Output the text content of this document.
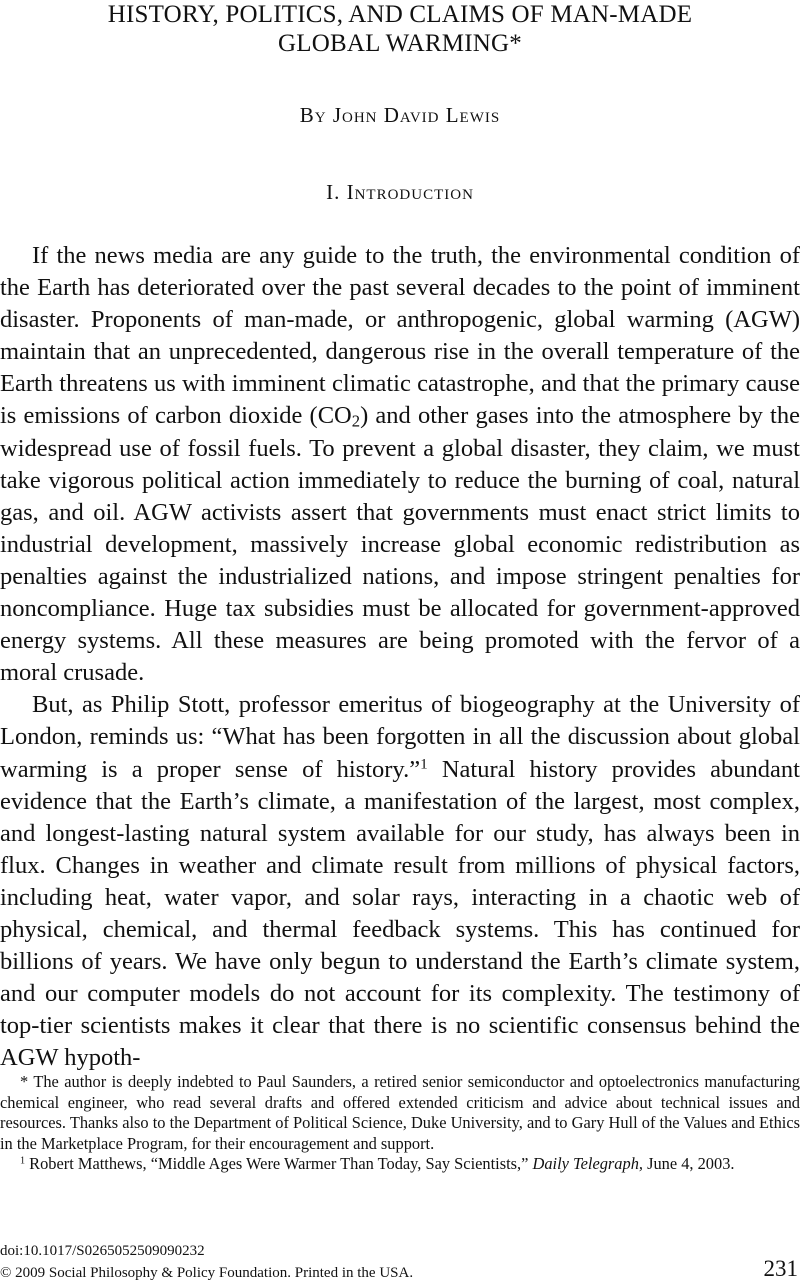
HISTORY, POLITICS, AND CLAIMS OF MAN-MADE
GLOBAL WARMING*
By John David Lewis
I. Introduction

If the news media are any guide to the truth, the environmental condition of the Earth has deteriorated over the past several decades to the point of imminent disaster. Proponents of man-made, or anthropogenic, global warming (AGW) maintain that an unprecedented, dangerous rise in the overall temperature of the Earth threatens us with imminent climatic catastrophe, and that the primary cause is emissions of carbon dioxide $(CO_2)$ and other gases into the atmosphere by the widespread use of fossil fuels. To prevent a global disaster, they claim, we must take vigorous political action immediately to reduce the burning of coal, natural gas, and oil. AGW activists assert that governments must enact strict limits to industrial development, massively increase global economic redistribution as penalties against the industrialized nations, and impose stringent penalties for noncompliance. Huge tax subsidies must be allocated for government-approved energy systems. All these measures are being promoted with the fervor of a moral crusade.

But, as Philip Stott, professor emeritus of biogeography at the University of London, reminds us: “What has been forgotten in all the discussion about global warming is a proper sense of history.”$^1$ Natural history provides abundant evidence that the Earth’s climate, a manifestation of the largest, most complex, and longest-lasting natural system available for our study, has always been in flux. Changes in weather and climate result from millions of physical factors, including heat, water vapor, and solar rays, interacting in a chaotic web of physical, chemical, and thermal feedback systems. This has continued for billions of years. We have only begun to understand the Earth’s climate system, and our computer models do not account for its complexity. The testimony of top-tier scientists makes it clear that there is no scientific consensus behind the AGW hypoth-

* The author is deeply indebted to Paul Saunders, a retired senior semiconductor and optoelectronics manufacturing chemical engineer, who read several drafts and offered extended criticism and advice about technical issues and resources. Thanks also to the Department of Political Science, Duke University, and to Gary Hull of the Values and Ethics in the Marketplace Program, for their encouragement and support.

$^1$ Robert Matthews, “Middle Ages Were Warmer Than Today, Say Scientists,” Daily Telegraph, June 4, 2003.

doi:10.1017/S0265052509090232
© 2009 Social Philosophy & Policy Foundation. Printed in the USA.	231
